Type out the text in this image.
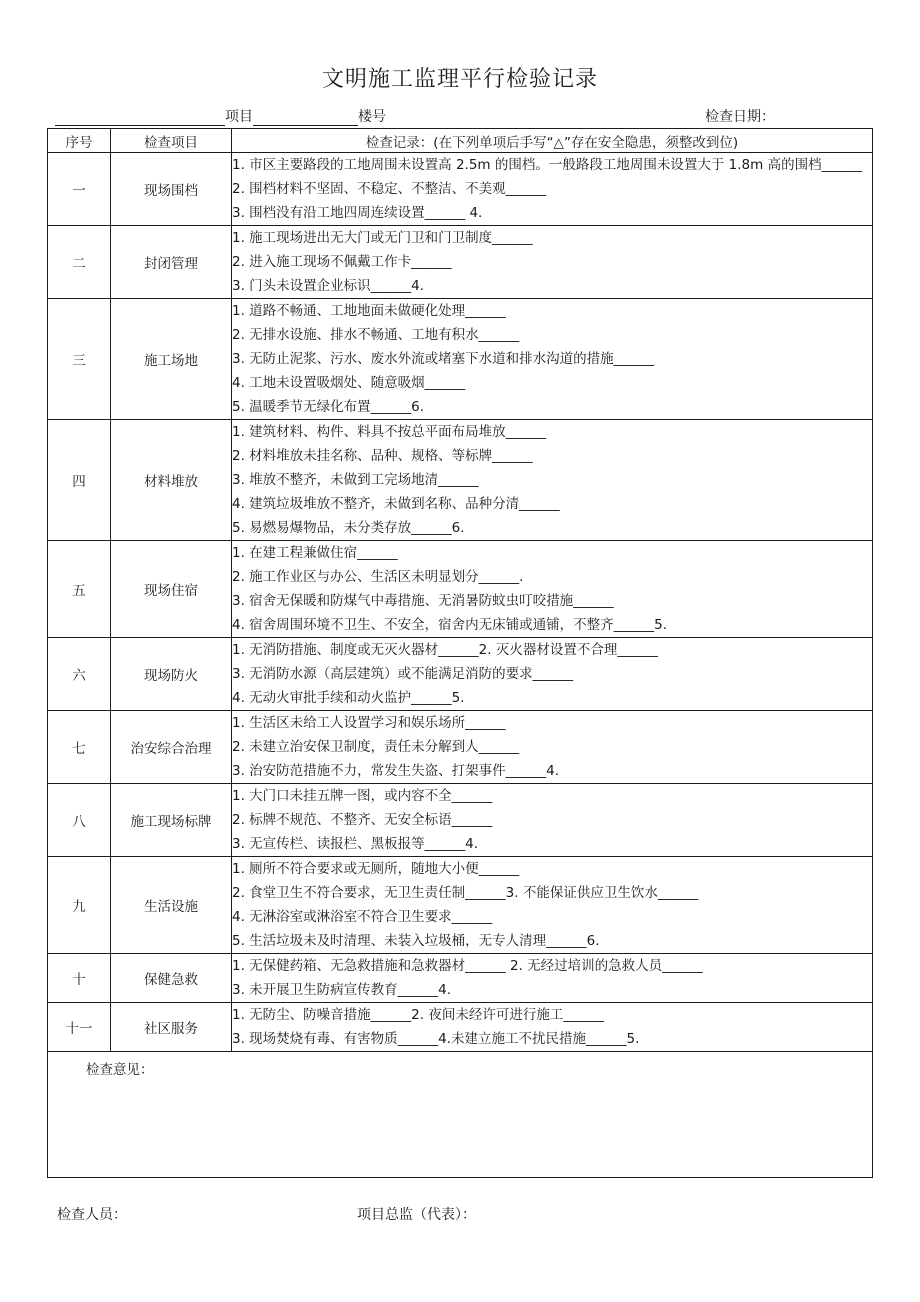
文明施工监理平行检验记录
项目	楼号	检查日期：
序号	检查项目	检查记录：(在下列单项后手写“△”存在安全隐患，须整改到位)
一	现场围档	1. 市区主要路段的工地周围未设置高 2.5m 的围档。一般路段工地周围未设置大于 1.8m 高的围档______
2. 围档材料不坚固、不稳定、不整洁、不美观______
3. 围档没有沿工地四周连续设置______ 4.

二	封闭管理	1. 施工现场进出无大门或无门卫和门卫制度______
2. 进入施工现场不佩戴工作卡______
3. 门头未设置企业标识______4.

三	施工场地	1. 道路不畅通、工地地面未做硬化处理______
2. 无排水设施、排水不畅通、工地有积水______
3. 无防止泥浆、污水、废水外流或堵塞下水道和排水沟道的措施______
4. 工地未设置吸烟处、随意吸烟______
5. 温暖季节无绿化布置______6.

四	材料堆放	1. 建筑材料、构件、料具不按总平面布局堆放______
2. 材料堆放未挂名称、品种、规格、等标牌______
3. 堆放不整齐，未做到工完场地清______
4. 建筑垃圾堆放不整齐，未做到名称、品种分清______
5. 易燃易爆物品，未分类存放______6.

五	现场住宿	1. 在建工程兼做住宿______
2. 施工作业区与办公、生活区未明显划分______.
3. 宿舍无保暖和防煤气中毒措施、无消暑防蚊虫叮咬措施______
4. 宿舍周围环境不卫生、不安全，宿舍内无床铺或通铺，不整齐______5.

六	现场防火	1. 无消防措施、制度或无灭火器材______2. 灭火器材设置不合理______
3. 无消防水源（高层建筑）或不能满足消防的要求______
4. 无动火审批手续和动火监护______5.

七	治安综合治理	1. 生活区未给工人设置学习和娱乐场所______
2. 未建立治安保卫制度，责任未分解到人______
3. 治安防范措施不力，常发生失盗、打架事件______4.

八	施工现场标牌	1. 大门口未挂五牌一图，或内容不全______
2. 标牌不规范、不整齐、无安全标语______
3. 无宣传栏、读报栏、黑板报等______4.

九	生活设施	1. 厕所不符合要求或无厕所，随地大小便______
2. 食堂卫生不符合要求，无卫生责任制______3. 不能保证供应卫生饮水______
4. 无淋浴室或淋浴室不符合卫生要求______
5. 生活垃圾未及时清理、未装入垃圾桶，无专人清理______6.

十	保健急救	1. 无保健药箱、无急救措施和急救器材______ 2. 无经过培训的急救人员______
3. 未开展卫生防病宣传教育______4.

十一	社区服务	1. 无防尘、防噪音措施______2. 夜间未经许可进行施工______
3. 现场焚烧有毒、有害物质______4.未建立施工不扰民措施______5.

检查意见：		
检查人员：	项目总监（代表）：
